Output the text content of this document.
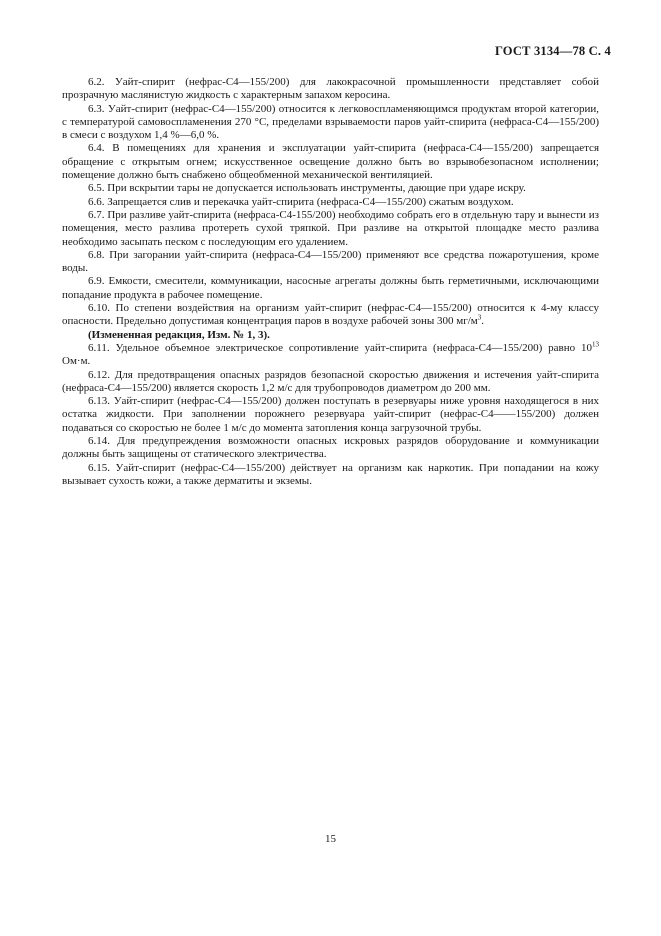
ГОСТ 3134—78 С. 4

6.2. Уайт-спирит (нефрас-С4—155/200) для лакокрасочной промышленности представляет собой прозрачную маслянистую жидкость с характерным запахом керосина.

6.3. Уайт-спирит (нефрас-С4—155/200) относится к легковоспламеняющимся продуктам второй категории, с температурой самовоспламенения 270 °С, пределами взрываемости паров уайт-спирита (нефраса-С4—155/200) в смеси с воздухом 1,4 %—6,0 %.

6.4. В помещениях для хранения и эксплуатации уайт-спирита (нефраса-С4—155/200) запрещается обращение с открытым огнем; искусственное освещение должно быть во взрывобезопасном исполнении; помещение должно быть снабжено общеобменной механической вентиляцией.

6.5. При вскрытии тары не допускается использовать инструменты, дающие при ударе искру.

6.6. Запрещается слив и перекачка уайт-спирита (нефраса-С4—155/200) сжатым воздухом.

6.7. При разливе уайт-спирита (нефраса-С4-155/200) необходимо собрать его в отдельную тару и вынести из помещения, место разлива протереть сухой тряпкой. При разливе на открытой площадке место разлива необходимо засыпать песком с последующим его удалением.

6.8. При загорании уайт-спирита (нефраса-С4—155/200) применяют все средства пожаротушения, кроме воды.

6.9. Емкости, смесители, коммуникации, насосные агрегаты должны быть герметичными, исключающими попадание продукта в рабочее помещение.

6.10. По степени воздействия на организм уайт-спирит (нефрас-С4—155/200) относится к 4-му классу опасности. Предельно допустимая концентрация паров в воздухе рабочей зоны 300 $мг/м^3$.

(Измененная редакция, Изм. № 1, 3).

6.11. Удельное объемное электрическое сопротивление уайт-спирита (нефраса-С4—155/200) равно $10^{13}$ Ом·м.

6.12. Для предотвращения опасных разрядов безопасной скоростью движения и истечения уайт-спирита (нефраса-С4—155/200) является скорость 1,2 м/с для трубопроводов диаметром до 200 мм.

6.13. Уайт-спирит (нефрас-С4—155/200) должен поступать в резервуары ниже уровня находящегося в них остатка жидкости. При заполнении порожнего резервуара уайт-спирит (нефрас-С4——155/200) должен подаваться со скоростью не более 1 м/с до момента затопления конца загрузочной трубы.

6.14. Для предупреждения возможности опасных искровых разрядов оборудование и коммуникации должны быть защищены от статического электричества.

6.15. Уайт-спирит (нефрас-С4—155/200) действует на организм как наркотик. При попадании на кожу вызывает сухость кожи, а также дерматиты и экземы.

15
